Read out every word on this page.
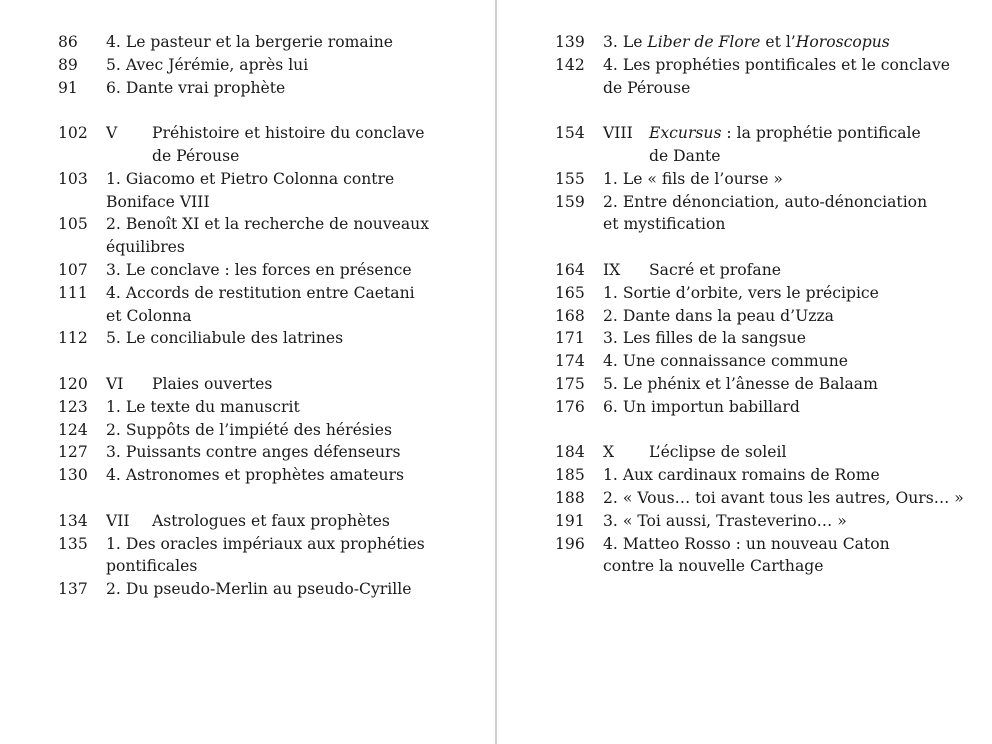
86	4. Le pasteur et la bergerie romaine
89	5. Avec Jérémie, après lui
91	6. Dante vrai prophète
102	V Préhistoire et histoire du conclave
de Pérouse
103	1. Giacomo et Pietro Colonna contre
Boniface VIII
105	2. Benoît XI et la recherche de nouveaux
équilibres
107	3. Le conclave : les forces en présence
111	4. Accords de restitution entre Caetani
et Colonna
112	5. Le conciliabule des latrines
120	VI Plaies ouvertes
123	1. Le texte du manuscrit
124	2. Suppôts de l’impiété des hérésies
127	3. Puissants contre anges défenseurs
130	4. Astronomes et prophètes amateurs
134	VII Astrologues et faux prophètes
135	1. Des oracles impériaux aux prophéties
pontificales
137	2. Du pseudo-Merlin au pseudo-Cyrille
139	3. Le Liber de Flore et l’Horoscopus
142	4. Les prophéties pontificales et le conclave
de Pérouse
154	VIII Excursus : la prophétie pontificale
de Dante
155	1. Le « fils de l’ourse »
159	2. Entre dénonciation, auto-dénonciation
et mystification
164	IX Sacré et profane
165	1. Sortie d’orbite, vers le précipice
168	2. Dante dans la peau d’Uzza
171	3. Les filles de la sangsue
174	4. Une connaissance commune
175	5. Le phénix et l’ânesse de Balaam
176	6. Un importun babillard
184	X L’éclipse de soleil
185	1. Aux cardinaux romains de Rome
188	2. « Vous… toi avant tous les autres, Ours… »
191	3. « Toi aussi, Trasteverino… »
196	4. Matteo Rosso : un nouveau Caton
contre la nouvelle Carthage
